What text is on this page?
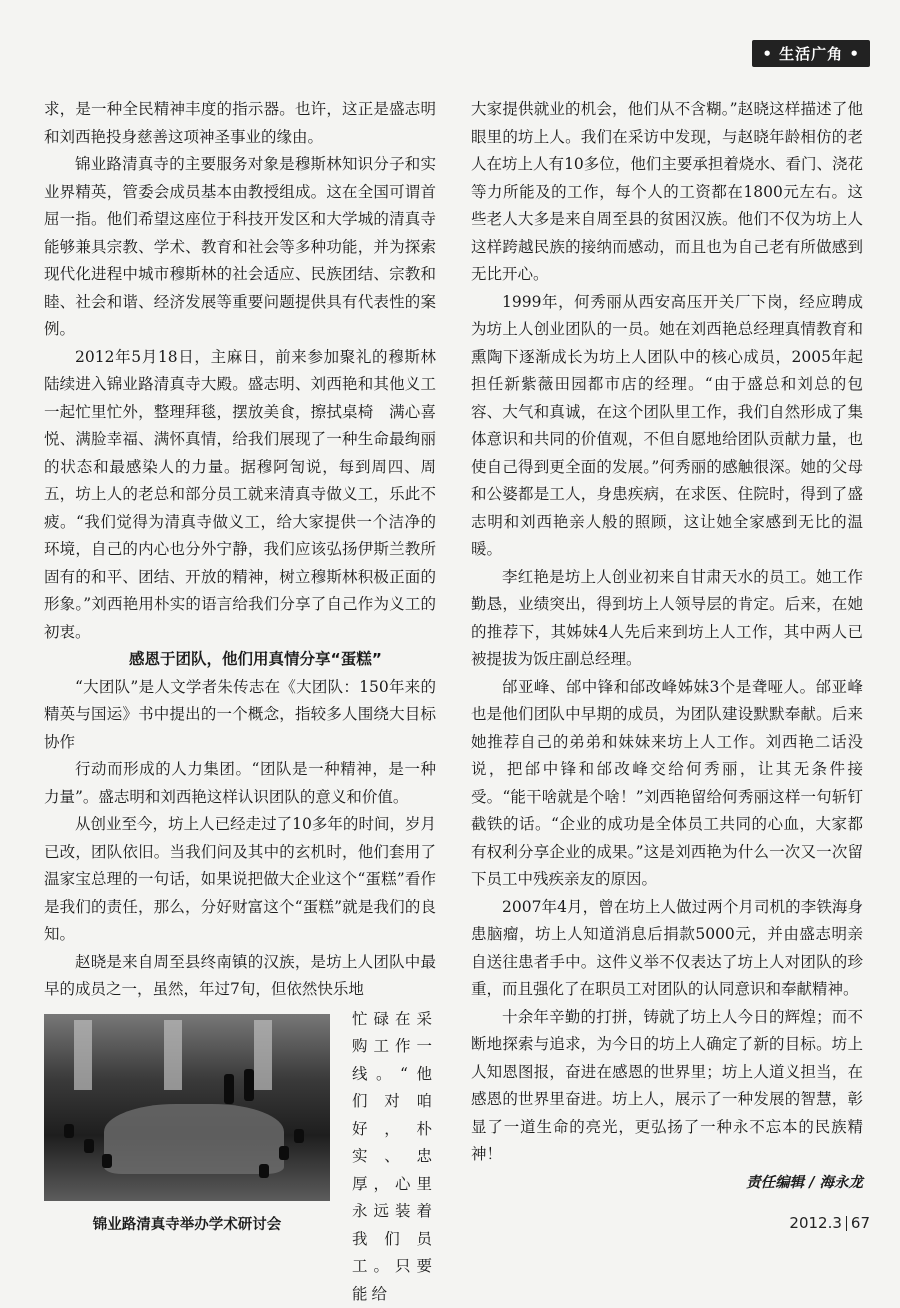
• 生活广角 •

求，是一种全民精神丰度的指示器。也许，这正是盛志明和刘西艳投身慈善这项神圣事业的缘由。

锦业路清真寺的主要服务对象是穆斯林知识分子和实业界精英，管委会成员基本由教授组成。这在全国可谓首屈一指。他们希望这座位于科技开发区和大学城的清真寺能够兼具宗教、学术、教育和社会等多种功能，并为探索现代化进程中城市穆斯林的社会适应、民族团结、宗教和睦、社会和谐、经济发展等重要问题提供具有代表性的案例。

2012年5月18日，主麻日，前来参加聚礼的穆斯林陆续进入锦业路清真寺大殿。盛志明、刘西艳和其他义工一起忙里忙外，整理拜毯，摆放美食，擦拭桌椅　满心喜悦、满脸幸福、满怀真情，给我们展现了一种生命最绚丽的状态和最感染人的力量。据穆阿訇说，每到周四、周五，坊上人的老总和部分员工就来清真寺做义工，乐此不疲。“我们觉得为清真寺做义工，给大家提供一个洁净的环境，自己的内心也分外宁静，我们应该弘扬伊斯兰教所固有的和平、团结、开放的精神，树立穆斯林积极正面的形象。”刘西艳用朴实的语言给我们分享了自己作为义工的初衷。

感恩于团队，他们用真情分享“蛋糕”

“大团队”是人文学者朱传志在《大团队：150年来的精英与国运》书中提出的一个概念，指较多人围绕大目标协作

行动而形成的人力集团。“团队是一种精神，是一种力量”。盛志明和刘西艳这样认识团队的意义和价值。

从创业至今，坊上人已经走过了10多年的时间，岁月已改，团队依旧。当我们问及其中的玄机时，他们套用了温家宝总理的一句话，如果说把做大企业这个“蛋糕”看作是我们的责任，那么，分好财富这个“蛋糕”就是我们的良知。

赵晓是来自周至县终南镇的汉族，是坊上人团队中最早的成员之一，虽然，年过7旬，但依然快乐地

锦业路清真寺举办学术研讨会
忙碌在采购工作一线。“他们对咱好，朴实、忠厚，心里永远装着我们员工。只要能给

大家提供就业的机会，他们从不含糊。”赵晓这样描述了他眼里的坊上人。我们在采访中发现，与赵晓年龄相仿的老人在坊上人有10多位，他们主要承担着烧水、看门、浇花等力所能及的工作，每个人的工资都在1800元左右。这些老人大多是来自周至县的贫困汉族。他们不仅为坊上人这样跨越民族的接纳而感动，而且也为自己老有所做感到无比开心。

1999年，何秀丽从西安高压开关厂下岗，经应聘成为坊上人创业团队的一员。她在刘西艳总经理真情教育和熏陶下逐渐成长为坊上人团队中的核心成员，2005年起担任新紫薇田园都市店的经理。“由于盛总和刘总的包容、大气和真诚，在这个团队里工作，我们自然形成了集体意识和共同的价值观，不但自愿地给团队贡献力量，也使自己得到更全面的发展。”何秀丽的感触很深。她的父母和公婆都是工人，身患疾病，在求医、住院时，得到了盛志明和刘西艳亲人般的照顾，这让她全家感到无比的温暖。

李红艳是坊上人创业初来自甘肃天水的员工。她工作勤恳，业绩突出，得到坊上人领导层的肯定。后来，在她的推荐下，其姊妹4人先后来到坊上人工作，其中两人已被提拔为饭庄副总经理。

邰亚峰、邰中锋和邰改峰姊妹3个是聋哑人。邰亚峰也是他们团队中早期的成员，为团队建设默默奉献。后来她推荐自己的弟弟和妹妹来坊上人工作。刘西艳二话没说，把邰中锋和邰改峰交给何秀丽，让其无条件接受。“能干啥就是个啥！”刘西艳留给何秀丽这样一句斩钉截铁的话。“企业的成功是全体员工共同的心血，大家都有权利分享企业的成果。”这是刘西艳为什么一次又一次留下员工中残疾亲友的原因。

2007年4月，曾在坊上人做过两个月司机的李铁海身患脑瘤，坊上人知道消息后捐款5000元，并由盛志明亲自送往患者手中。这件义举不仅表达了坊上人对团队的珍重，而且强化了在职员工对团队的认同意识和奉献精神。

十余年辛勤的打拼，铸就了坊上人今日的辉煌；而不断地探索与追求，为今日的坊上人确定了新的目标。坊上人知恩图报，奋进在感恩的世界里；坊上人道义担当，在感恩的世界里奋进。坊上人，展示了一种发展的智慧，彰显了一道生命的亮光，更弘扬了一种永不忘本的民族精神！

责任编辑 / 海永龙

2012.3 67
